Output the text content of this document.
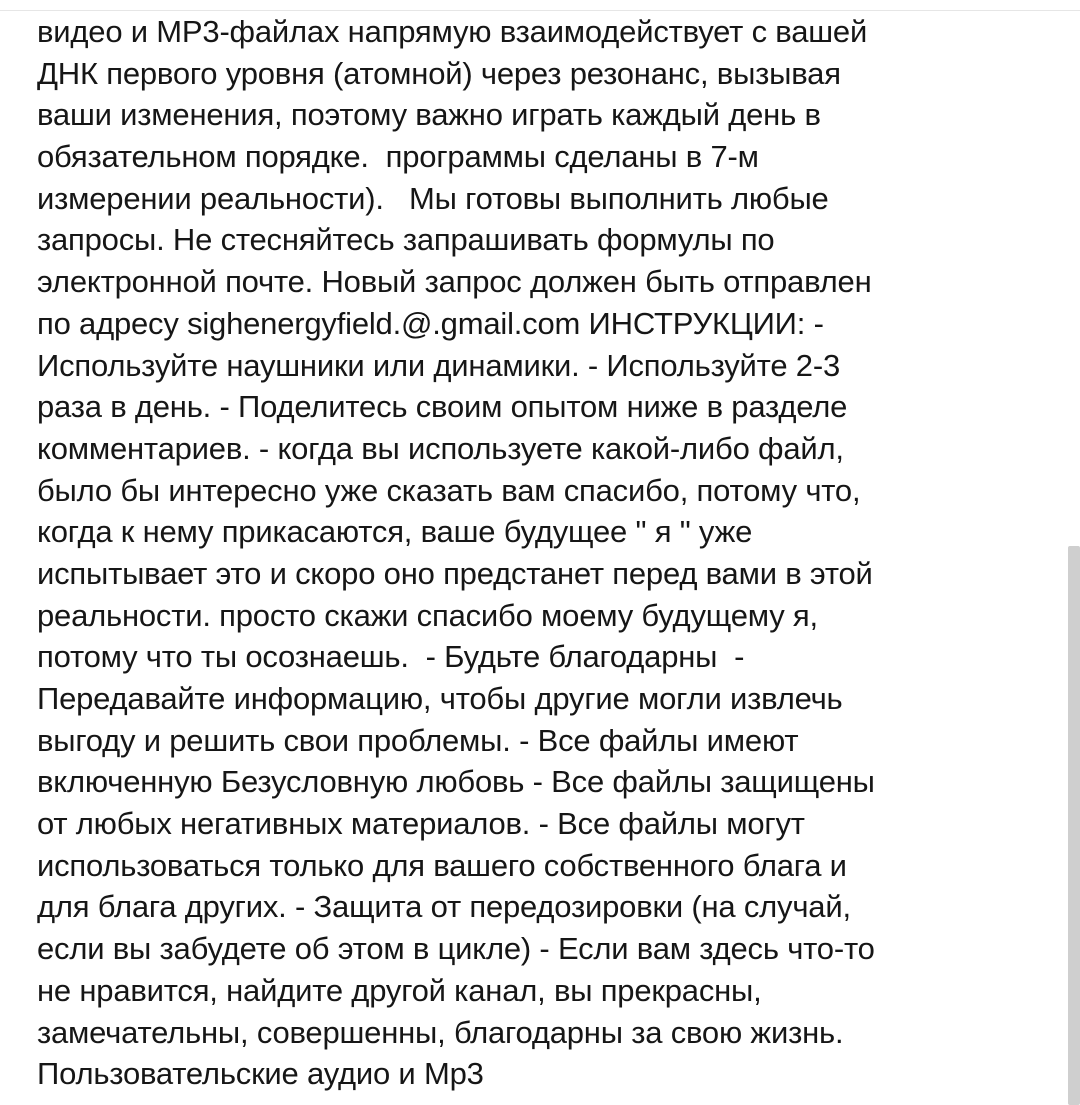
видео и MP3-файлах напрямую взаимодействует с вашей
ДНК первого уровня (атомной) через резонанс, вызывая
ваши изменения, поэтому важно играть каждый день в
обязательном порядке.  программы сделаны в 7-м
измерении реальности).   Мы готовы выполнить любые
запросы. Не стесняйтесь запрашивать формулы по
электронной почте. Новый запрос должен быть отправлен
по адресу sighenergyfield.@.gmail.com ИНСТРУКЦИИ: -
Используйте наушники или динамики. - Используйте 2-3
раза в день. - Поделитесь своим опытом ниже в разделе
комментариев. - когда вы используете какой-либо файл,
было бы интересно уже сказать вам спасибо, потому что,
когда к нему прикасаются, ваше будущее " я " уже
испытывает это и скоро оно предстанет перед вами в этой
реальности. просто скажи спасибо моему будущему я,
потому что ты осознаешь.  - Будьте благодарны  -
Передавайте информацию, чтобы другие могли извлечь
выгоду и решить свои проблемы. - Все файлы имеют
включенную Безусловную любовь - Все файлы защищены
от любых негативных материалов. - Все файлы могут
использоваться только для вашего собственного блага и
для блага других. - Защита от передозировки (на случай,
если вы забудете об этом в цикле) - Если вам здесь что-то
не нравится, найдите другой канал, вы прекрасны,
замечательны, совершенны, благодарны за свою жизнь.
Пользовательские аудио и Mp3
